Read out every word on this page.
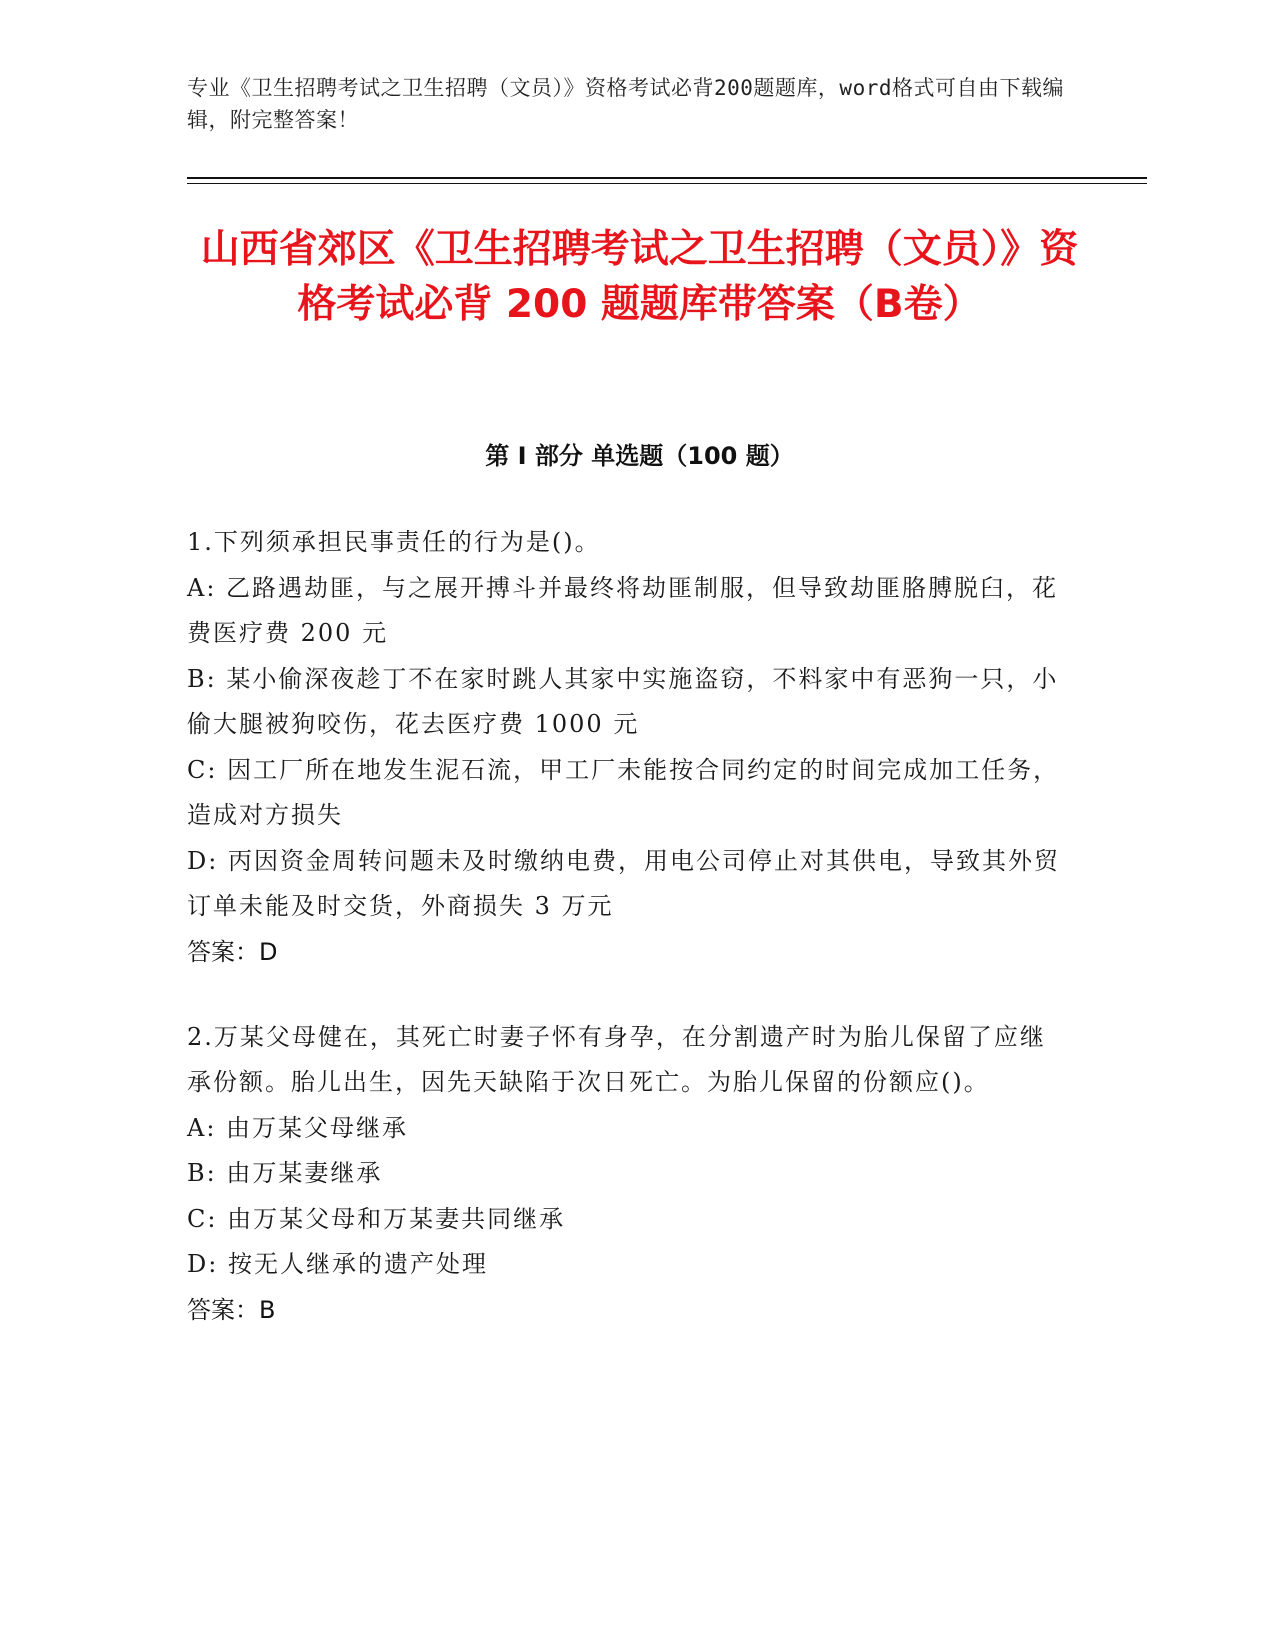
专业《卫生招聘考试之卫生招聘（文员）》资格考试必背200题题库，word格式可自由下载编辑，附完整答案！
山西省郊区《卫生招聘考试之卫生招聘（文员）》资格考试必背 200 题题库带答案（B卷）
第 I 部分 单选题（100 题）
1.下列须承担民事责任的行为是()。
A: 乙路遇劫匪，与之展开搏斗并最终将劫匪制服，但导致劫匪胳膊脱臼，花费医疗费 200 元
B: 某小偷深夜趁丁不在家时跳人其家中实施盗窃，不料家中有恶狗一只，小偷大腿被狗咬伤，花去医疗费 1000 元
C: 因工厂所在地发生泥石流，甲工厂未能按合同约定的时间完成加工任务，造成对方损失
D: 丙因资金周转问题未及时缴纳电费，用电公司停止对其供电，导致其外贸订单未能及时交货，外商损失 3 万元
答案：D
2.万某父母健在，其死亡时妻子怀有身孕，在分割遗产时为胎儿保留了应继承份额。胎儿出生，因先天缺陷于次日死亡。为胎儿保留的份额应()。
A: 由万某父母继承
B: 由万某妻继承
C: 由万某父母和万某妻共同继承
D: 按无人继承的遗产处理
答案：B
